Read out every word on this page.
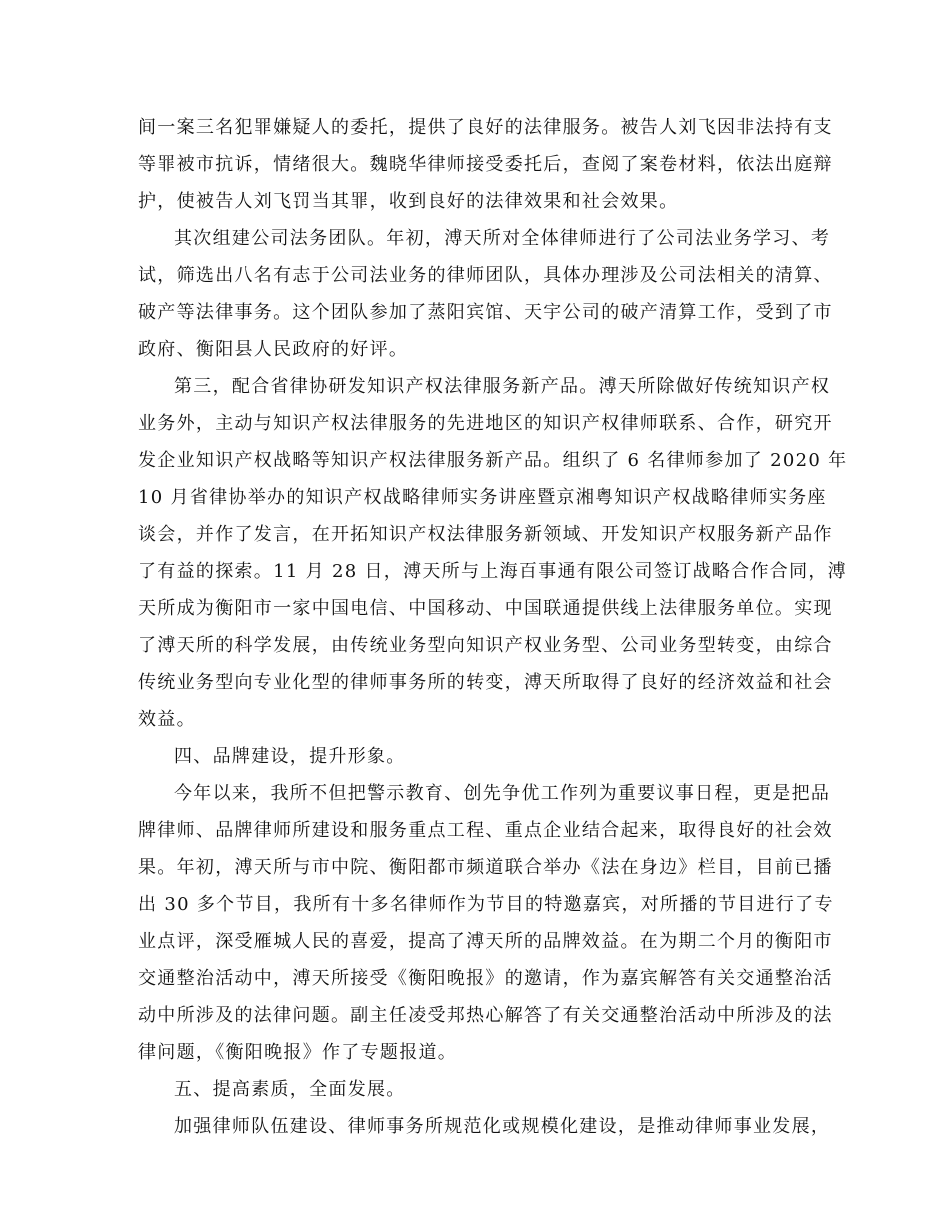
间一案三名犯罪嫌疑人的委托，提供了良好的法律服务。被告人刘飞因非法持有支
等罪被市抗诉，情绪很大。魏晓华律师接受委托后，查阅了案卷材料，依法出庭辩
护，使被告人刘飞罚当其罪，收到良好的法律效果和社会效果。
其次组建公司法务团队。年初，溥天所对全体律师进行了公司法业务学习、考
试，筛选出八名有志于公司法业务的律师团队，具体办理涉及公司法相关的清算、
破产等法律事务。这个团队参加了蒸阳宾馆、天宇公司的破产清算工作，受到了市
政府、衡阳县人民政府的好评。
第三，配合省律协研发知识产权法律服务新产品。溥天所除做好传统知识产权
业务外，主动与知识产权法律服务的先进地区的知识产权律师联系、合作，研究开
发企业知识产权战略等知识产权法律服务新产品。组织了 6 名律师参加了 2020 年
10 月省律协举办的知识产权战略律师实务讲座暨京湘粤知识产权战略律师实务座
谈会，并作了发言，在开拓知识产权法律服务新领域、开发知识产权服务新产品作
了有益的探索。11 月 28 日，溥天所与上海百事通有限公司签订战略合作合同，溥
天所成为衡阳市一家中国电信、中国移动、中国联通提供线上法律服务单位。实现
了溥天所的科学发展，由传统业务型向知识产权业务型、公司业务型转变，由综合
传统业务型向专业化型的律师事务所的转变，溥天所取得了良好的经济效益和社会
效益。
四、品牌建设，提升形象。
今年以来，我所不但把警示教育、创先争优工作列为重要议事日程，更是把品
牌律师、品牌律师所建设和服务重点工程、重点企业结合起来，取得良好的社会效
果。年初，溥天所与市中院、衡阳都市频道联合举办《法在身边》栏目，目前已播
出 30 多个节目，我所有十多名律师作为节目的特邀嘉宾，对所播的节目进行了专
业点评，深受雁城人民的喜爱，提高了溥天所的品牌效益。在为期二个月的衡阳市
交通整治活动中，溥天所接受《衡阳晚报》的邀请，作为嘉宾解答有关交通整治活
动中所涉及的法律问题。副主任凌受邦热心解答了有关交通整治活动中所涉及的法
律问题，《衡阳晚报》作了专题报道。
五、提高素质，全面发展。
加强律师队伍建设、律师事务所规范化或规模化建设，是推动律师事业发展，
